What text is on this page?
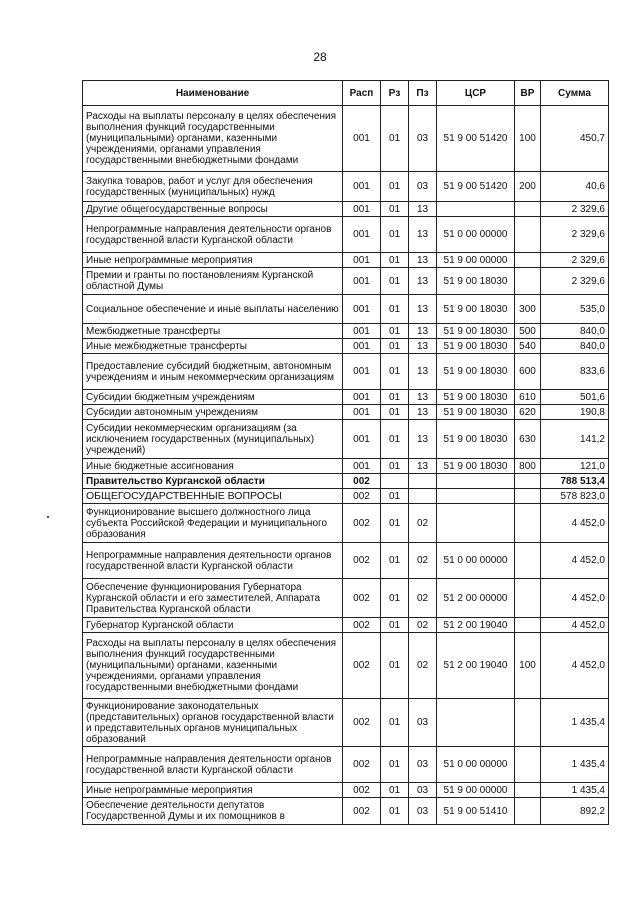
28
Наименование	Расп	Рз	Пз	ЦСР	ВР	Сумма
Расходы на выплаты персоналу в целях обеспечения выполнения функций государственными (муниципальными) органами, казенными учреждениями, органами управления государственными внебюджетными фондами	001	01	03	51 9 00 51420	100	450,7
Закупка товаров, работ и услуг для обеспечения государственных (муниципальных) нужд	001	01	03	51 9 00 51420	200	40,6
Другие общегосударственные вопросы	001	01	13			2 329,6
Непрограммные направления деятельности органов государственной власти Курганской области	001	01	13	51 0 00 00000		2 329,6
Иные непрограммные мероприятия	001	01	13	51 9 00 00000		2 329,6
Премии и гранты по постановлениям Курганской областной Думы	001	01	13	51 9 00 18030		2 329,6
Социальное обеспечение и иные выплаты населению	001	01	13	51 9 00 18030	300	535,0
Межбюджетные трансферты	001	01	13	51 9 00 18030	500	840,0
Иные межбюджетные трансферты	001	01	13	51 9 00 18030	540	840,0
Предоставление субсидий бюджетным, автономным учреждениям и иным некоммерческим организациям	001	01	13	51 9 00 18030	600	833,6
Субсидии бюджетным учреждениям	001	01	13	51 9 00 18030	610	501,6
Субсидии автономным учреждениям	001	01	13	51 9 00 18030	620	190,8
Субсидии некоммерческим организациям (за исключением государственных (муниципальных) учреждений)	001	01	13	51 9 00 18030	630	141,2
Иные бюджетные ассигнования	001	01	13	51 9 00 18030	800	121,0
Правительство Курганской области	002					788 513,4
ОБЩЕГОСУДАРСТВЕННЫЕ ВОПРОСЫ	002	01				578 823,0
Функционирование высшего должностного лица субъекта Российской Федерации и муниципального образования	002	01	02			4 452,0
Непрограммные направления деятельности органов государственной власти Курганской области	002	01	02	51 0 00 00000		4 452,0
Обеспечение функционирования Губернатора Курганской области и его заместителей, Аппарата Правительства Курганской области	002	01	02	51 2 00 00000		4 452,0
Губернатор Курганской области	002	01	02	51 2 00 19040		4 452,0
Расходы на выплаты персоналу в целях обеспечения выполнения функций государственными (муниципальными) органами, казенными учреждениями, органами управления государственными внебюджетными фондами	002	01	02	51 2 00 19040	100	4 452,0
Функционирование законодательных (представительных) органов государственной власти и представительных органов муниципальных образований	002	01	03			1 435,4
Непрограммные направления деятельности органов государственной власти Курганской области	002	01	03	51 0 00 00000		1 435,4
Иные непрограммные мероприятия	002	01	03	51 9 00 00000		1 435,4
Обеспечение деятельности депутатов Государственной Думы и их помощников в	002	01	03	51 9 00 51410		892,2
